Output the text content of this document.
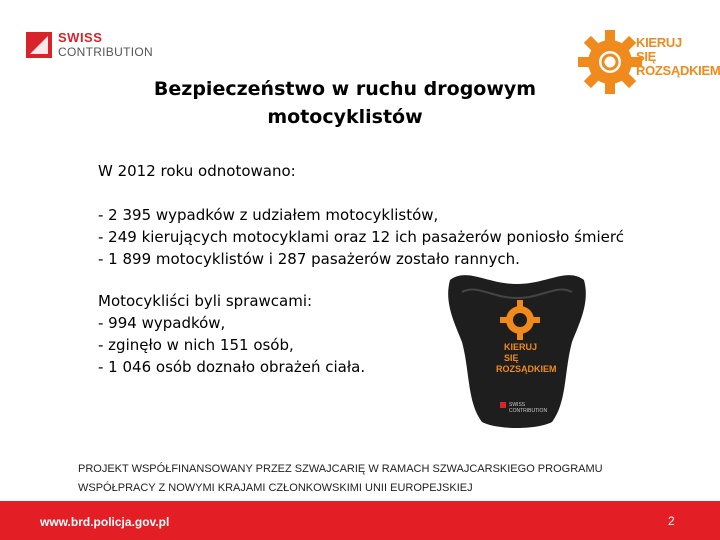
SWISS
CONTRIBUTION
KIERUJ
SIĘ
ROZSĄDKIEM
Bezpieczeństwo w ruchu drogowym
motocyklistów
W 2012 roku odnotowano:
- 2 395 wypadków z udziałem motocyklistów,
- 249 kierujących motocyklami oraz 12 ich pasażerów poniosło śmierć
- 1 899 motocyklistów i 287 pasażerów zostało rannych.
Motocykliści byli sprawcami:
- 994 wypadków,
- zginęło w nich 151 osób,
- 1 046 osób doznało obrażeń ciała.
KIERUJ
SIĘ
ROZSĄDKIEM
SWISS
CONTRIBUTION
PROJEKT WSPÓŁFINANSOWANY PRZEZ SZWAJCARIĘ W RAMACH SZWAJCARSKIEGO PROGRAMU
WSPÓŁPRACY Z NOWYMI KRAJAMI CZŁONKOWSKIMI UNII EUROPEJSKIEJ
www.brd.policja.gov.pl	2
